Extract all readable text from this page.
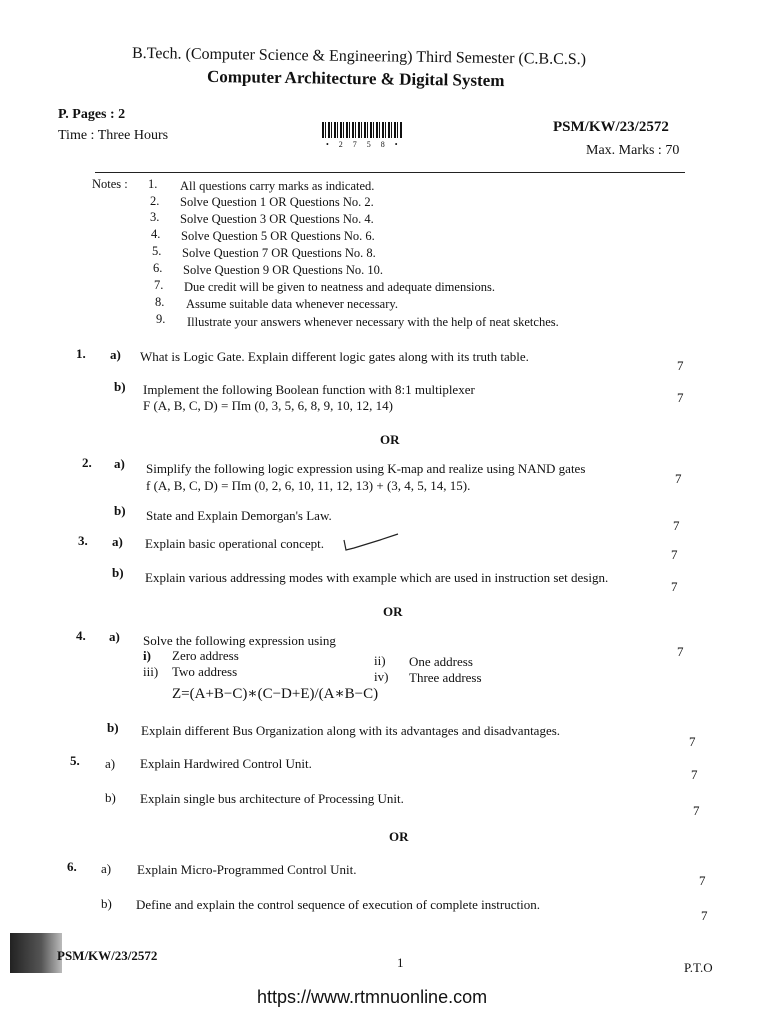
B.Tech. (Computer Science & Engineering) Third Semester (C.B.C.S.)
Computer Architecture & Digital System
P. Pages : 2
Time : Three Hours
• 2 7 5 8 •
PSM/KW/23/2572
Max. Marks : 70
Notes : 1. All questions carry marks as indicated.
2. Solve Question 1 OR Questions No. 2.
3. Solve Question 3 OR Questions No. 4.
4. Solve Question 5 OR Questions No. 6.
5. Solve Question 7 OR Questions No. 8.
6. Solve Question 9 OR Questions No. 10.
7. Due credit will be given to neatness and adequate dimensions.
8. Assume suitable data whenever necessary.
9. Illustrate your answers whenever necessary with the help of neat sketches.
1. a) What is Logic Gate. Explain different logic gates along with its truth table.
7
b) Implement the following Boolean function with 8:1 multiplexer
F (A, B, C, D) = Πm (0, 3, 5, 6, 8, 9, 10, 12, 14)
7
OR
2. a) Simplify the following logic expression using K-map and realize using NAND gates
f (A, B, C, D) = Πm (0, 2, 6, 10, 11, 12, 13) + (3, 4, 5, 14, 15).	7
b) State and Explain Demorgan's Law.
7
3. a) Explain basic operational concept.
7
b) Explain various addressing modes with example which are used in instruction set design.
7
OR
4. a) Solve the following expression using
7
i) Zero address
iii) Two address
ii) One address
iv) Three address
Z=(A+B−C)∗(C−D+E)/(A∗B−C)
b) Explain different Bus Organization along with its advantages and disadvantages.
7
5. a) Explain Hardwired Control Unit.
7
b) Explain single bus architecture of Processing Unit.
7
OR
6. a) Explain Micro-Programmed Control Unit.
7
b) Define and explain the control sequence of execution of complete instruction.
7
PSM/KW/23/2572	1	P.T.O
https://www.rtmnuonline.com
